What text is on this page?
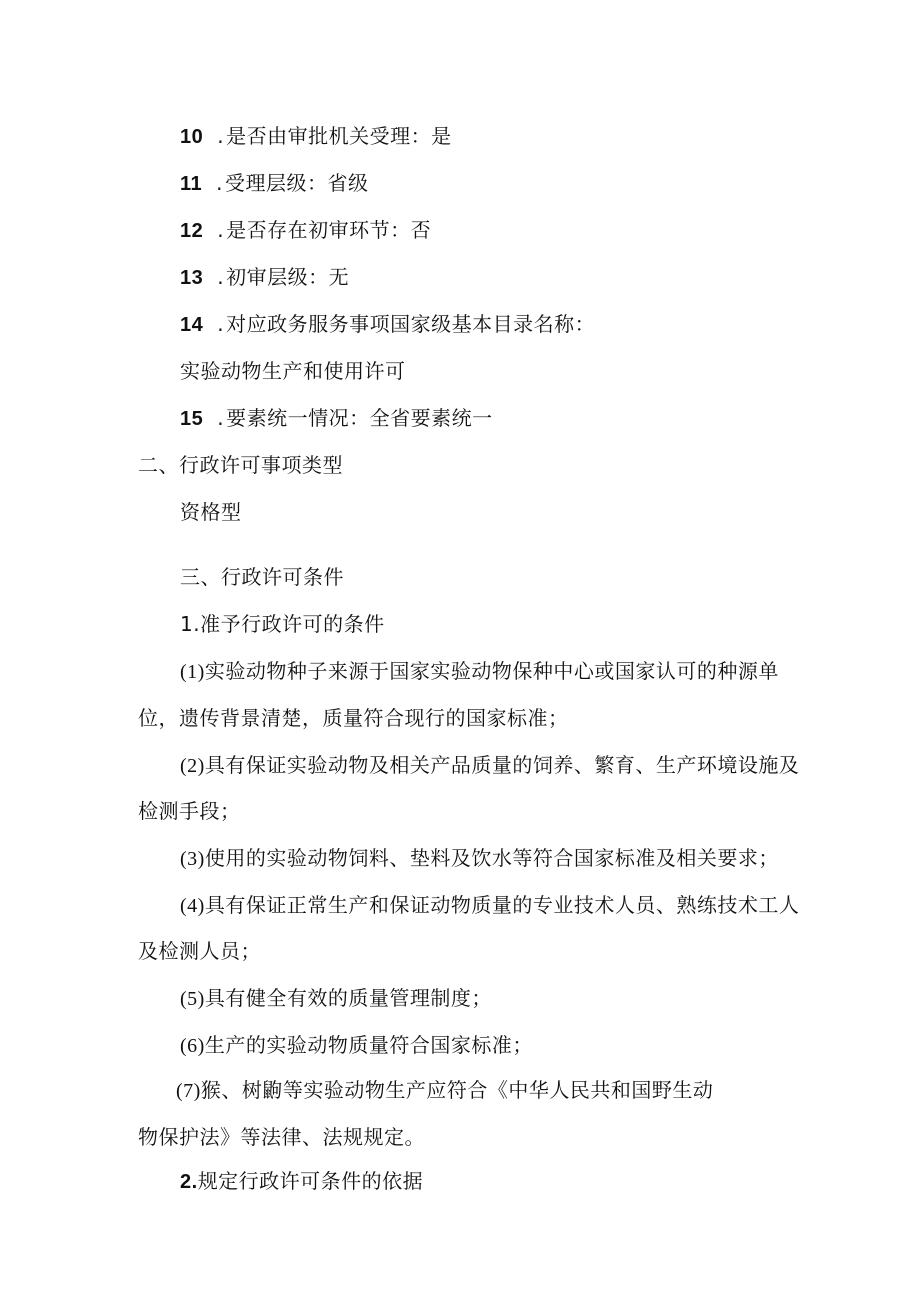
10 . 是否由审批机关受理：是
11 . 受理层级：省级
12 . 是否存在初审环节：否
13 . 初审层级：无
14 . 对应政务服务事项国家级基本目录名称：
实验动物生产和使用许可
15 . 要素统一情况：全省要素统一
二、行政许可事项类型
资格型
三、行政许可条件
1.准予行政许可的条件
(1)实验动物种子来源于国家实验动物保种中心或国家认可的种源单
位，遗传背景清楚，质量符合现行的国家标准；
(2)具有保证实验动物及相关产品质量的饲养、繁育、生产环境设施及
检测手段；
(3)使用的实验动物饲料、垫料及饮水等符合国家标准及相关要求；
(4)具有保证正常生产和保证动物质量的专业技术人员、熟练技术工人
及检测人员；
(5)具有健全有效的质量管理制度；
(6)生产的实验动物质量符合国家标准；
(7)猴、树鼩等实验动物生产应符合《中华人民共和国野生动
物保护法》等法律、法规规定。
2.规定行政许可条件的依据
